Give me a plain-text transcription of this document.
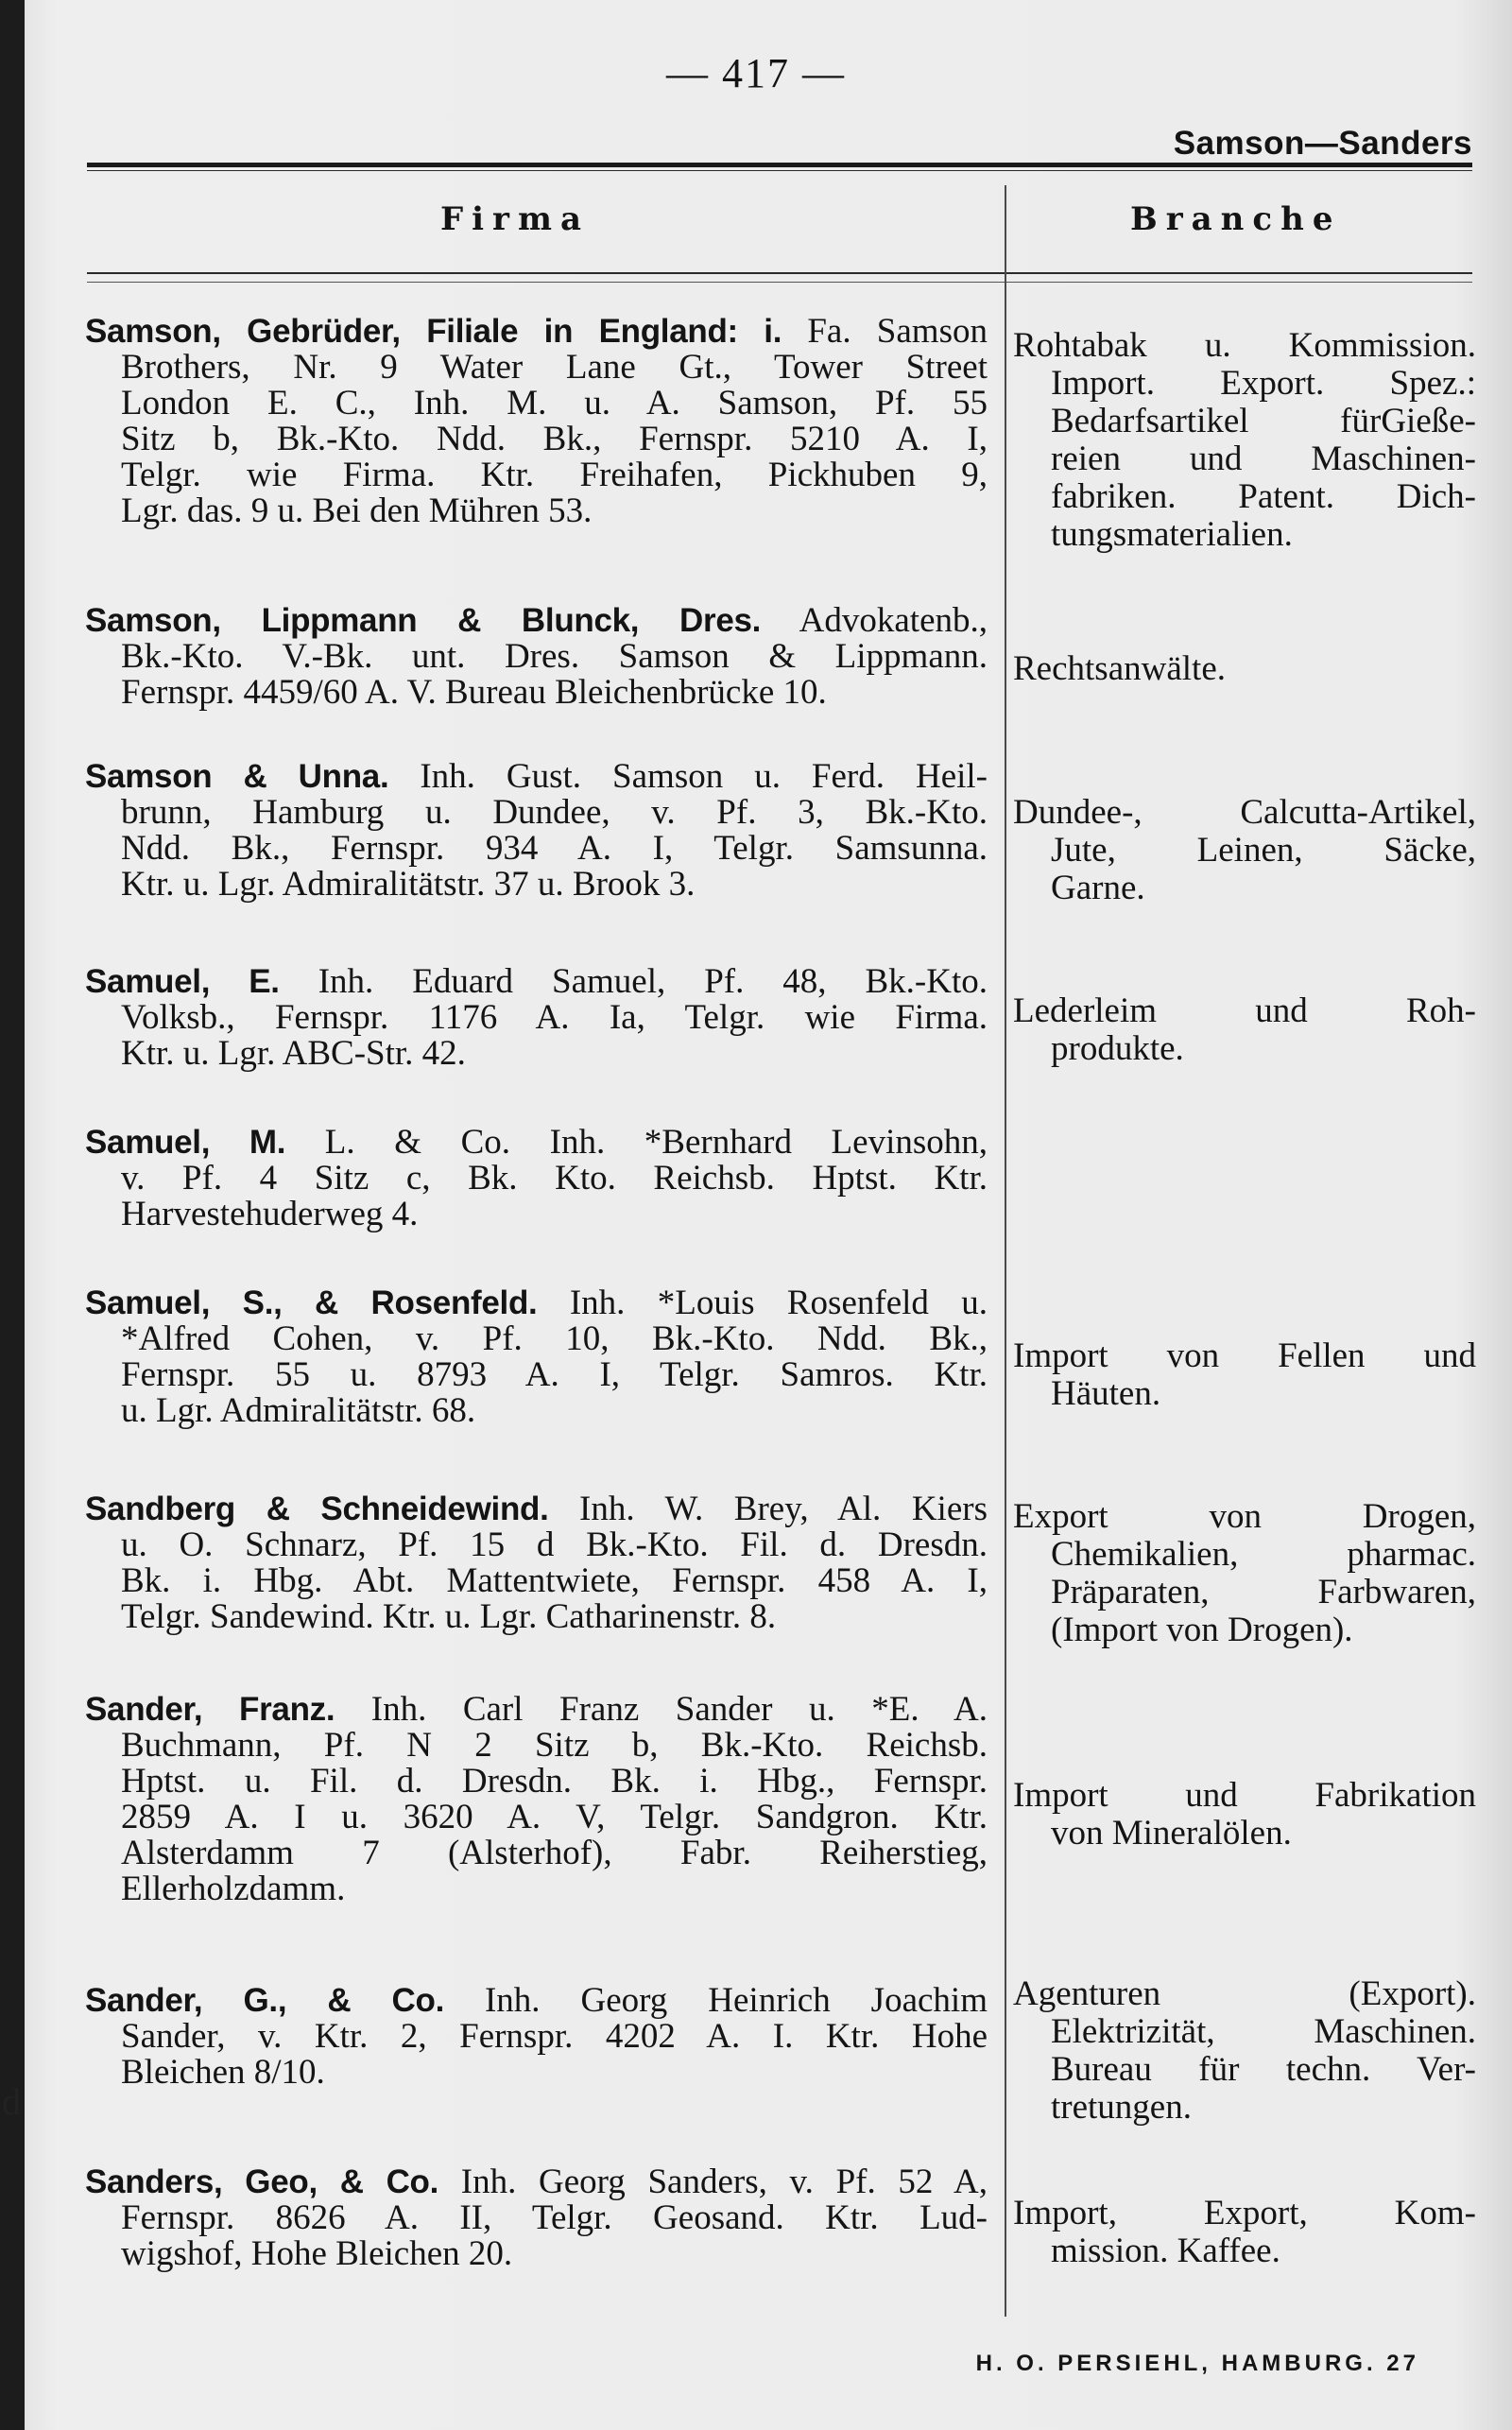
d
— 417 —
Samson—Sanders
Firma	Branche
Samson, Gebrüder, Filiale in England: i. Fa. Samson
Brothers, Nr. 9 Water Lane Gt., Tower Street
London E. C., Inh. M. u. A. Samson, Pf. 55
Sitz b, Bk.-Kto. Ndd. Bk., Fernspr. 5210 A. I,
Telgr. wie Firma. Ktr. Freihafen, Pickhuben 9,
Lgr. das. 9 u. Bei den Mühren 53.
Rohtabak u. Kommission.
Import. Export. Spez.:
Bedarfsartikel fürGieße-
reien und Maschinen-
fabriken. Patent. Dich-
tungsmaterialien.
Samson, Lippmann & Blunck, Dres. Advokatenb.,
Bk.-Kto. V.-Bk. unt. Dres. Samson & Lippmann.
Fernspr. 4459/60 A. V. Bureau Bleichenbrücke 10.
Rechtsanwälte.
Samson & Unna. Inh. Gust. Samson u. Ferd. Heil-
brunn, Hamburg u. Dundee, v. Pf. 3, Bk.-Kto.
Ndd. Bk., Fernspr. 934 A. I, Telgr. Samsunna.
Ktr. u. Lgr. Admiralitätstr. 37 u. Brook 3.
Dundee-, Calcutta-Artikel,
Jute, Leinen, Säcke,
Garne.
Samuel, E. Inh. Eduard Samuel, Pf. 48, Bk.-Kto.
Volksb., Fernspr. 1176 A. Ia, Telgr. wie Firma.
Ktr. u. Lgr. ABC-Str. 42.
Lederleim und Roh-
produkte.
Samuel, M. L. & Co. Inh. *Bernhard Levinsohn,
v. Pf. 4 Sitz c, Bk. Kto. Reichsb. Hptst. Ktr.
Harvestehuderweg 4.
Samuel, S., & Rosenfeld. Inh. *Louis Rosenfeld u.
*Alfred Cohen, v. Pf. 10, Bk.-Kto. Ndd. Bk.,
Fernspr. 55 u. 8793 A. I, Telgr. Samros. Ktr.
u. Lgr. Admiralitätstr. 68.
Import von Fellen und
Häuten.
Sandberg & Schneidewind. Inh. W. Brey, Al. Kiers
u. O. Schnarz, Pf. 15 d Bk.-Kto. Fil. d. Dresdn.
Bk. i. Hbg. Abt. Mattentwiete, Fernspr. 458 A. I,
Telgr. Sandewind. Ktr. u. Lgr. Catharinenstr. 8.
Export von Drogen,
Chemikalien, pharmac.
Präparaten, Farbwaren,
(Import von Drogen).
Sander, Franz. Inh. Carl Franz Sander u. *E. A.
Buchmann, Pf. N 2 Sitz b, Bk.-Kto. Reichsb.
Hptst. u. Fil. d. Dresdn. Bk. i. Hbg., Fernspr.
2859 A. I u. 3620 A. V, Telgr. Sandgron. Ktr.
Alsterdamm 7 (Alsterhof), Fabr. Reiherstieg,
Ellerholzdamm.
Import und Fabrikation
von Mineralölen.
Sander, G., & Co. Inh. Georg Heinrich Joachim
Sander, v. Ktr. 2, Fernspr. 4202 A. I. Ktr. Hohe
Bleichen 8/10.
Agenturen (Export).
Elektrizität, Maschinen.
Bureau für techn. Ver-
tretungen.
Sanders, Geo, & Co. Inh. Georg Sanders, v. Pf. 52 A,
Fernspr. 8626 A. II, Telgr. Geosand. Ktr. Lud-
wigshof, Hohe Bleichen 20.
Import, Export, Kom-
mission. Kaffee.
H. O. PERSIEHL, HAMBURG. 27
